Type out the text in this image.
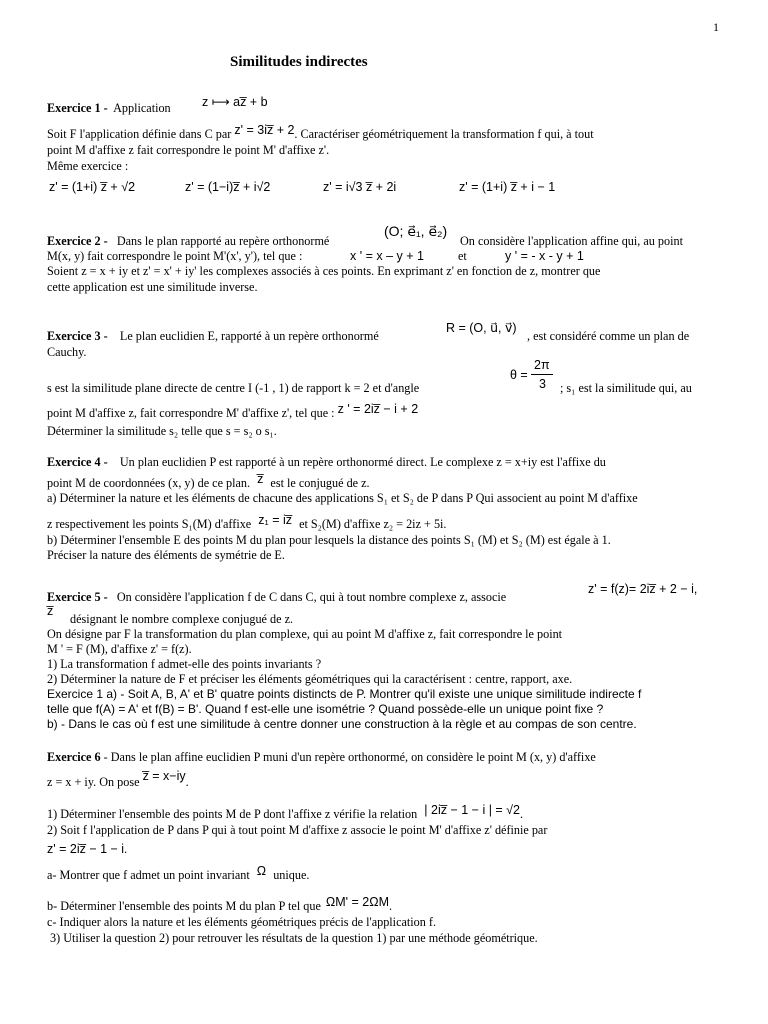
1
Similitudes indirectes
Exercice 1 - Application	z ⟼ az̅ + b
Soit F l'application définie dans C par z' = 3iz̅ + 2. Caractériser géométriquement la transformation f qui, à tout
point M d'affixe z fait correspondre le point M' d'affixe z'.
Même exercice :
z' = (1+i) z̅ + √2	z' = (1−i)z̅ + i√2	z' = i√3 z̅ + 2i	z' = (1+i) z̅ + i − 1
Exercice 2 - Dans le plan rapporté au repère orthonormé
(O; e⃗₁, e⃗₂)
On considère l'application affine qui, au point
M(x, y) fait correspondre le point M'(x', y'), tel que :	x ' = x – y + 1	et	y ' = - x - y + 1
Soient z = x + iy et z' = x' + iy' les complexes associés à ces points. En exprimant z' en fonction de z, montrer que
cette application est une similitude inverse.
Exercice 3 - Le plan euclidien E, rapporté à un repère orthonormé
R = (O, u⃗, v⃗)
, est considéré comme un plan de
Cauchy.
s est la similitude plane directe de centre I (-1 , 1) de rapport k = 2 et d'angle
θ =
2π
3 ; s₁ est la similitude qui, au
point M d'affixe z, fait correspondre M' d'affixe z', tel que : z ' = 2iz̅ − i + 2
Déterminer la similitude s₂ telle que s = s₂ o s₁.
Exercice 4 - Un plan euclidien P est rapporté à un repère orthonormé direct. Le complexe z = x+iy est l'affixe du
point M de coordonnées (x, y) de ce plan. z̅ est le conjugué de z.
a) Déterminer la nature et les éléments de chacune des applications S₁ et S₂ de P dans P Qui associent au point M d'affixe
z respectivement les points S₁(M) d'affixe z₁ = iz̅ et S₂(M) d'affixe z₂ = 2iz + 5i.
b) Déterminer l'ensemble E des points M du plan pour lesquels la distance des points S₁ (M) et S₂ (M) est égale à 1.
Préciser la nature des éléments de symétrie de E.
Exercice 5 - On considère l'application f de C dans C, qui à tout nombre complexe z, associe
z' = f(z)= 2iz̅ + 2 − i,
z̅
désignant le nombre complexe conjugué de z.
On désigne par F la transformation du plan complexe, qui au point M d'affixe z, fait correspondre le point
M ' = F (M), d'affixe z' = f(z).
1) La transformation f admet-elle des points invariants ?
2) Déterminer la nature de F et préciser les éléments géométriques qui la caractérisent : centre, rapport, axe.
Exercice 1 a) - Soit A, B, A' et B' quatre points distincts de P. Montrer qu'il existe une unique similitude indirecte f
telle que f(A) = A' et f(B) = B'. Quand f est-elle une isométrie ? Quand possède-elle un unique point fixe ?
b) - Dans le cas où f est une similitude à centre donner une construction à la règle et au compas de son centre.
Exercice 6 - Dans le plan affine euclidien P muni d'un repère orthonormé, on considère le point M (x, y) d'affixe
z = x + iy. On pose z̅ = x−iy.
1) Déterminer l'ensemble des points M de P dont l'affixe z vérifie la relation | 2iz̅ − 1 − i | = √2.
2) Soit f l'application de P dans P qui à tout point M d'affixe z associe le point M' d'affixe z' définie par
z' = 2iz̅ − 1 − i.
a- Montrer que f admet un point invariant Ω unique.
b- Déterminer l'ensemble des points M du plan P tel que ΩM' = 2ΩM.
c- Indiquer alors la nature et les éléments géométriques précis de l'application f.
3) Utiliser la question 2) pour retrouver les résultats de la question 1) par une méthode géométrique.
